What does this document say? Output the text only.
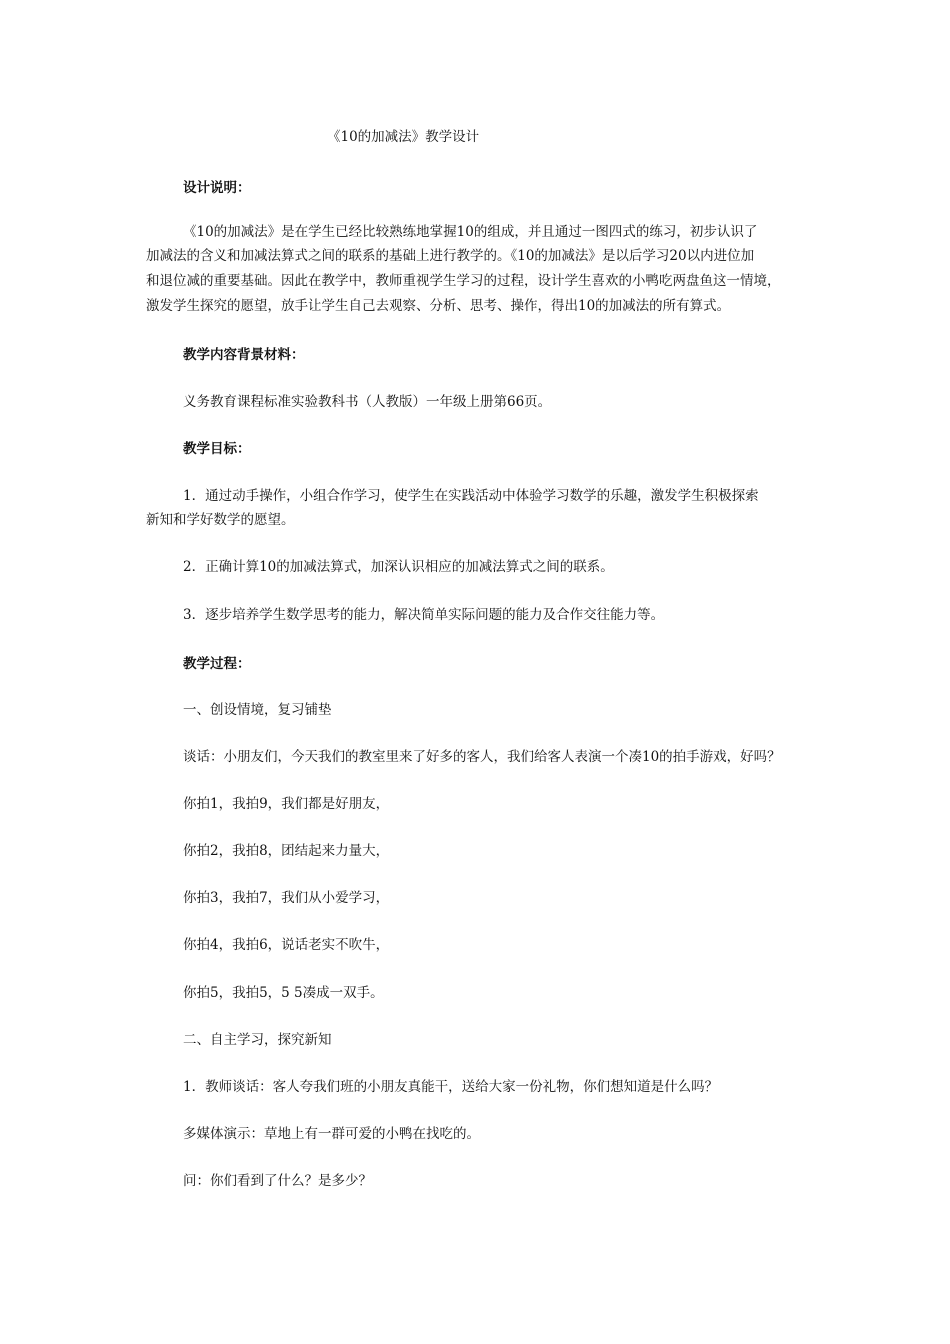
《10的加减法》教学设计
设计说明：
《10的加减法》是在学生已经比较熟练地掌握10的组成，并且通过一图四式的练习，初步认识了
加减法的含义和加减法算式之间的联系的基础上进行教学的。《10的加减法》是以后学习20以内进位加
和退位减的重要基础。因此在教学中，教师重视学生学习的过程，设计学生喜欢的小鸭吃两盘鱼这一情境，
激发学生探究的愿望，放手让学生自己去观察、分析、思考、操作，得出10的加减法的所有算式。
教学内容背景材料：
义务教育课程标准实验教科书（人教版）一年级上册第66页。
教学目标：
1．通过动手操作，小组合作学习，使学生在实践活动中体验学习数学的乐趣，激发学生积极探索
新知和学好数学的愿望。
2．正确计算10的加减法算式，加深认识相应的加减法算式之间的联系。
3．逐步培养学生数学思考的能力，解决简单实际问题的能力及合作交往能力等。
教学过程：
一、创设情境，复习铺垫
谈话：小朋友们，今天我们的教室里来了好多的客人，我们给客人表演一个凑10的拍手游戏，好吗？
你拍1，我拍9，我们都是好朋友，
你拍2，我拍8，团结起来力量大，
你拍3，我拍7，我们从小爱学习，
你拍4，我拍6，说话老实不吹牛，
你拍5，我拍5，5 5凑成一双手。
二、自主学习，探究新知
1．教师谈话：客人夸我们班的小朋友真能干，送给大家一份礼物，你们想知道是什么吗？
多媒体演示：草地上有一群可爱的小鸭在找吃的。
问：你们看到了什么？是多少？
